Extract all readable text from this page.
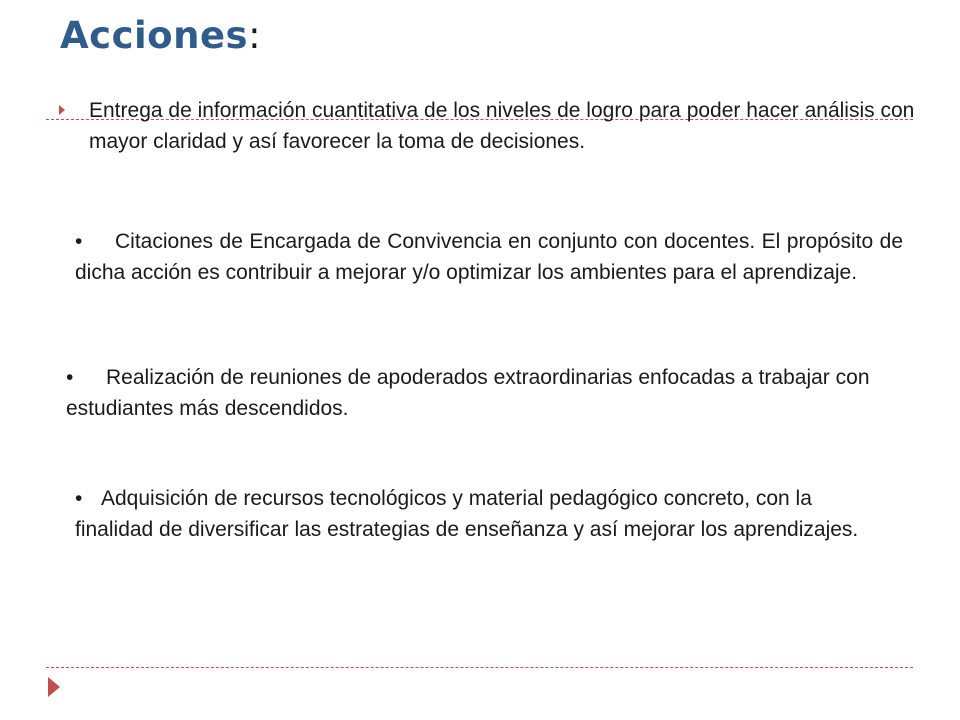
Acciones:

Entrega de información cuantitativa de los niveles de logro para poder hacer análisis con mayor claridad y así favorecer la toma de decisiones.

• Citaciones de Encargada de Convivencia en conjunto con docentes. El propósito de dicha acción es contribuir a mejorar y/o optimizar los ambientes para el aprendizaje.

• Realización de reuniones de apoderados extraordinarias enfocadas a trabajar con estudiantes más descendidos.

• Adquisición de recursos tecnológicos y material pedagógico concreto, con la finalidad de diversificar las estrategias de enseñanza y así mejorar los aprendizajes.
